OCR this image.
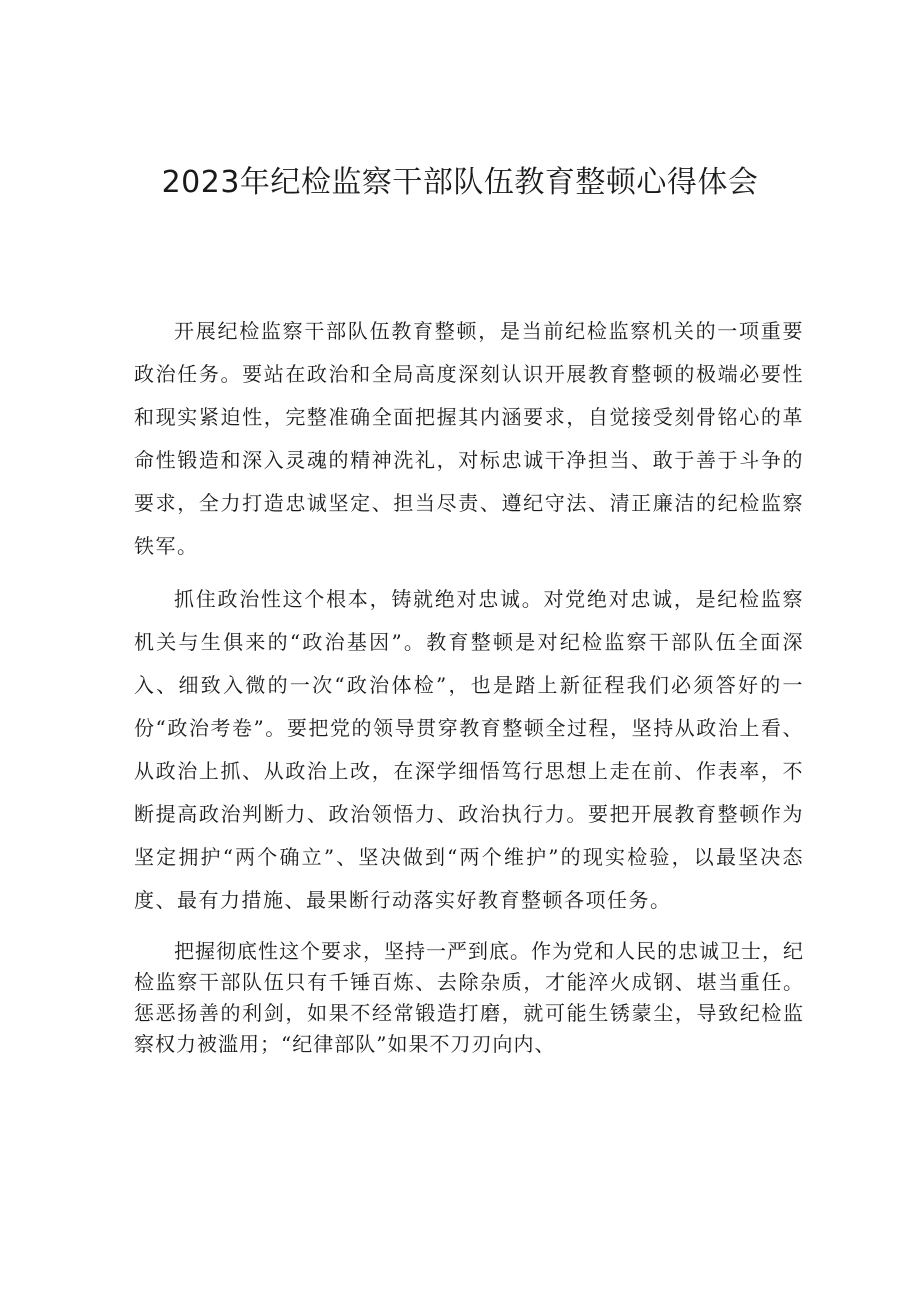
2023年纪检监察干部队伍教育整顿心得体会

开展纪检监察干部队伍教育整顿，是当前纪检监察机关的一项重要政治任务。要站在政治和全局高度深刻认识开展教育整顿的极端必要性和现实紧迫性，完整准确全面把握其内涵要求，自觉接受刻骨铭心的革命性锻造和深入灵魂的精神洗礼，对标忠诚干净担当、敢于善于斗争的要求，全力打造忠诚坚定、担当尽责、遵纪守法、清正廉洁的纪检监察铁军。

抓住政治性这个根本，铸就绝对忠诚。对党绝对忠诚，是纪检监察机关与生俱来的“政治基因”。教育整顿是对纪检监察干部队伍全面深入、细致入微的一次“政治体检”，也是踏上新征程我们必须答好的一份“政治考卷”。要把党的领导贯穿教育整顿全过程，坚持从政治上看、从政治上抓、从政治上改，在深学细悟笃行思想上走在前、作表率，不断提高政治判断力、政治领悟力、政治执行力。要把开展教育整顿作为坚定拥护“两个确立”、坚决做到“两个维护”的现实检验，以最坚决态度、最有力措施、最果断行动落实好教育整顿各项任务。

把握彻底性这个要求，坚持一严到底。作为党和人民的忠诚卫士，纪检监察干部队伍只有千锤百炼、去除杂质，才能淬火成钢、堪当重任。惩恶扬善的利剑，如果不经常锻造打磨，就可能生锈蒙尘，导致纪检监察权力被滥用；“纪律部队”如果不刀刃向内、
